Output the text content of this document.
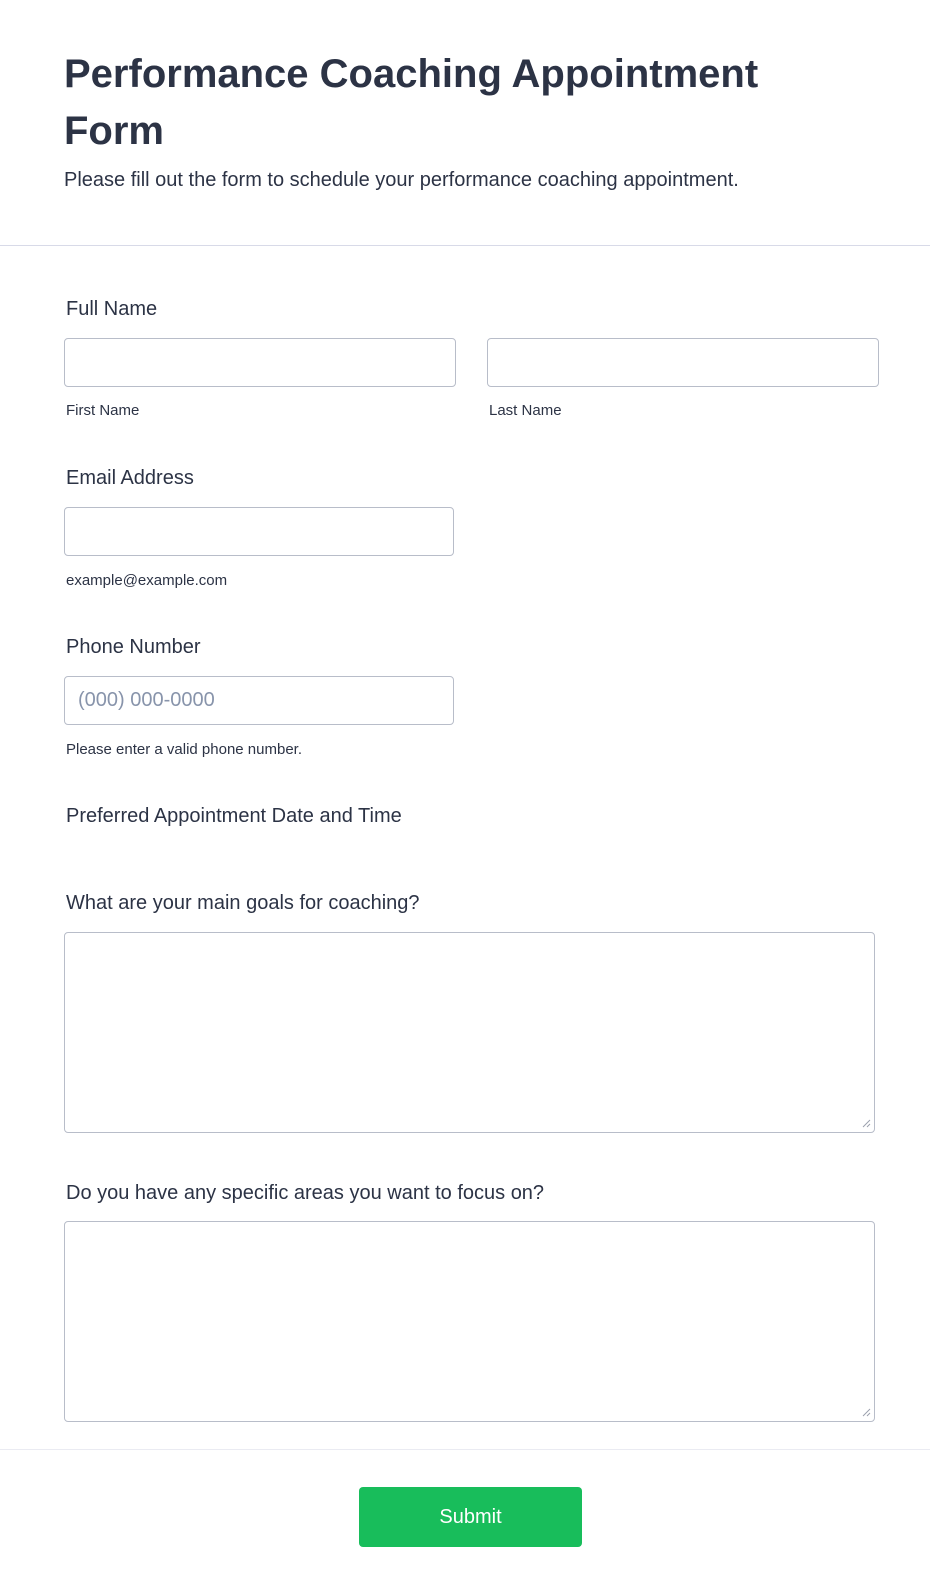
Performance Coaching Appointment Form

Please fill out the form to schedule your performance coaching appointment.

Full Name
First Name	Last Name
Email Address
example@example.com
Phone Number
(000) 000-0000
Please enter a valid phone number.
Preferred Appointment Date and Time
What are your main goals for coaching?
Do you have any specific areas you want to focus on?
Submit
